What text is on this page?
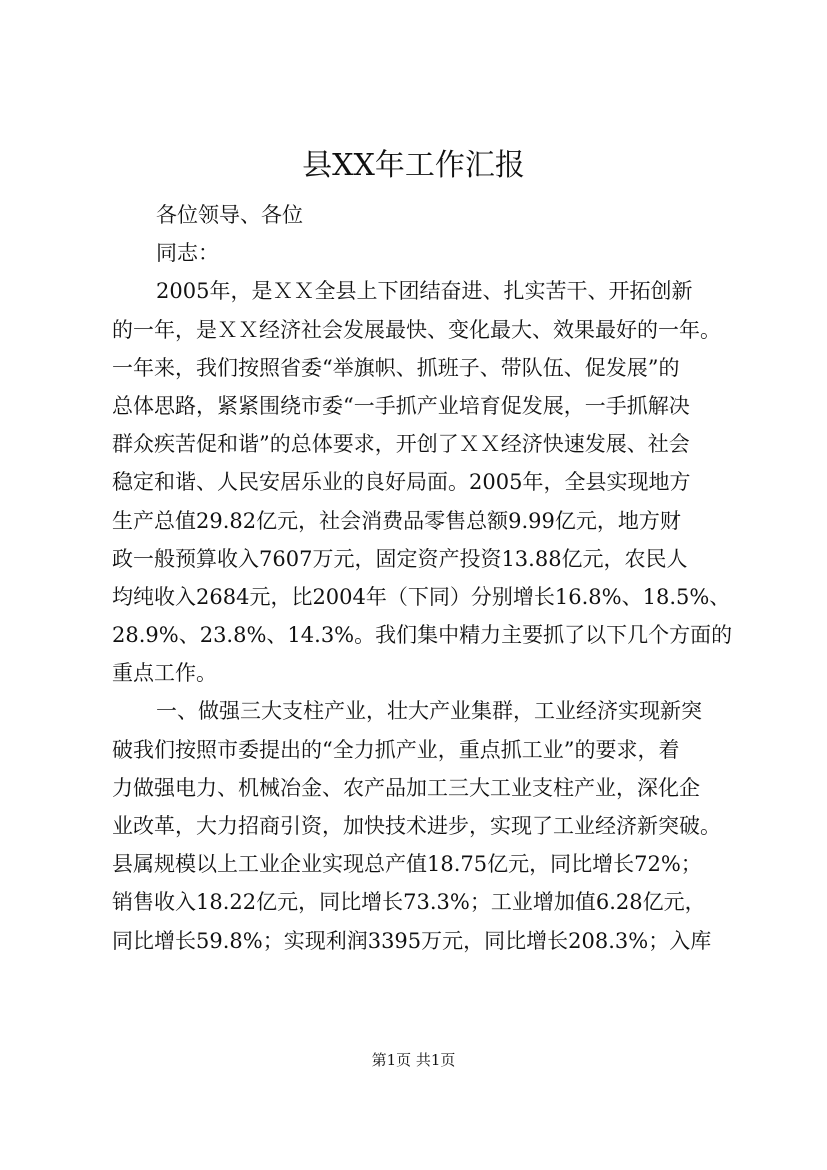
县XX年工作汇报
各位领导、各位
同志：
2005年，是ＸＸ全县上下团结奋进、扎实苦干、开拓创新
的一年，是ＸＸ经济社会发展最快、变化最大、效果最好的一年。
一年来，我们按照省委“举旗帜、抓班子、带队伍、促发展”的
总体思路，紧紧围绕市委“一手抓产业培育促发展，一手抓解决
群众疾苦促和谐”的总体要求，开创了ＸＸ经济快速发展、社会
稳定和谐、人民安居乐业的良好局面。2005年，全县实现地方
生产总值29.82亿元，社会消费品零售总额9.99亿元，地方财
政一般预算收入7607万元，固定资产投资13.88亿元，农民人
均纯收入2684元，比2004年（下同）分别增长16.8%、18.5%、
28.9%、23.8%、14.3%。我们集中精力主要抓了以下几个方面的
重点工作。
一、做强三大支柱产业，壮大产业集群，工业经济实现新突
破我们按照市委提出的“全力抓产业，重点抓工业”的要求，着
力做强电力、机械冶金、农产品加工三大工业支柱产业，深化企
业改革，大力招商引资，加快技术进步，实现了工业经济新突破。
县属规模以上工业企业实现总产值18.75亿元，同比增长72%；
销售收入18.22亿元，同比增长73.3%；工业增加值6.28亿元，
同比增长59.8%；实现利润3395万元，同比增长208.3%；入库
第1页 共1页
